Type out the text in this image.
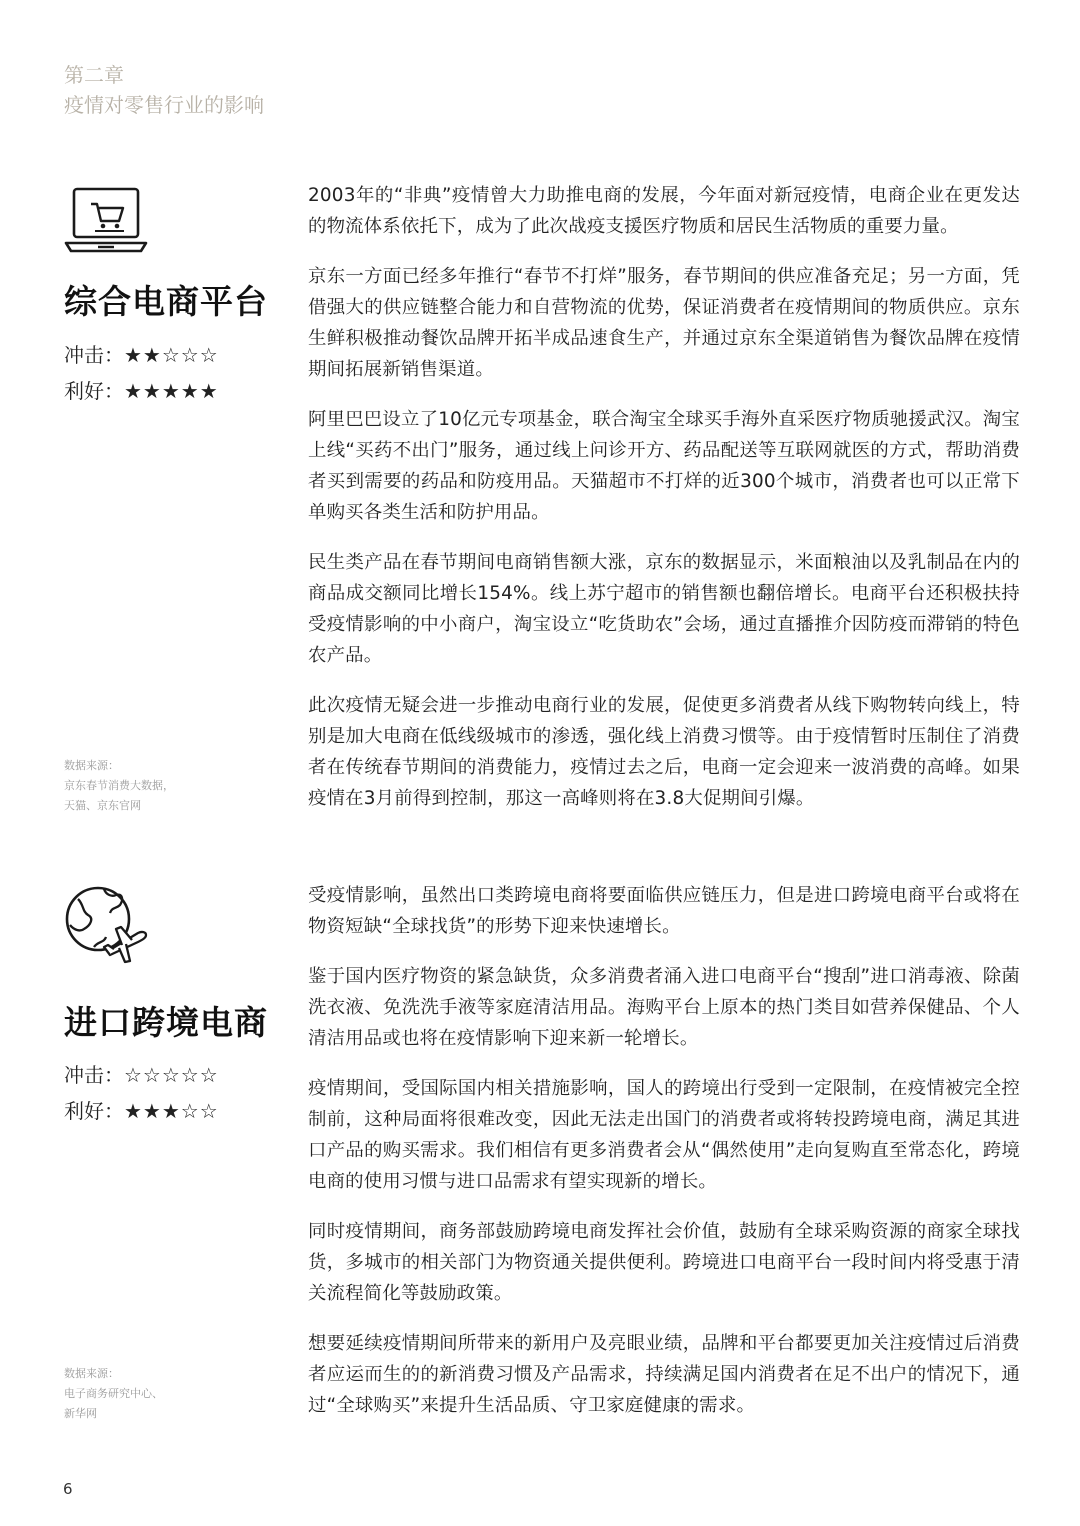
第二章
疫情对零售行业的影响
综合电商平台
冲击：★★☆☆☆
利好：★★★★★
数据来源：
京东春节消费大数据，
天猫、京东官网

2003年的“非典”疫情曾大力助推电商的发展，今年面对新冠疫情，电商企业在更发达的物流体系依托下，成为了此次战疫支援医疗物质和居民生活物质的重要力量。

京东一方面已经多年推行“春节不打烊”服务，春节期间的供应准备充足；另一方面，凭借强大的供应链整合能力和自营物流的优势，保证消费者在疫情期间的物质供应。京东生鲜积极推动餐饮品牌开拓半成品速食生产，并通过京东全渠道销售为餐饮品牌在疫情期间拓展新销售渠道。

阿里巴巴设立了10亿元专项基金，联合淘宝全球买手海外直采医疗物质驰援武汉。淘宝上线“买药不出门”服务，通过线上问诊开方、药品配送等互联网就医的方式，帮助消费者买到需要的药品和防疫用品。天猫超市不打烊的近300个城市，消费者也可以正常下单购买各类生活和防护用品。

民生类产品在春节期间电商销售额大涨，京东的数据显示，米面粮油以及乳制品在内的商品成交额同比增长154%。线上苏宁超市的销售额也翻倍增长。电商平台还积极扶持受疫情影响的中小商户，淘宝设立“吃货助农”会场，通过直播推介因防疫而滞销的特色农产品。

此次疫情无疑会进一步推动电商行业的发展，促使更多消费者从线下购物转向线上，特别是加大电商在低线级城市的渗透，强化线上消费习惯等。由于疫情暂时压制住了消费者在传统春节期间的消费能力，疫情过去之后，电商一定会迎来一波消费的高峰。如果疫情在3月前得到控制，那这一高峰则将在3.8大促期间引爆。

进口跨境电商
冲击：☆☆☆☆☆
利好：★★★☆☆
数据来源：
电子商务研究中心、
新华网

受疫情影响，虽然出口类跨境电商将要面临供应链压力，但是进口跨境电商平台或将在物资短缺“全球找货”的形势下迎来快速增长。

鉴于国内医疗物资的紧急缺货，众多消费者涌入进口电商平台“搜刮”进口消毒液、除菌洗衣液、免洗洗手液等家庭清洁用品。海购平台上原本的热门类目如营养保健品、个人清洁用品或也将在疫情影响下迎来新一轮增长。

疫情期间，受国际国内相关措施影响，国人的跨境出行受到一定限制，在疫情被完全控制前，这种局面将很难改变，因此无法走出国门的消费者或将转投跨境电商，满足其进口产品的购买需求。我们相信有更多消费者会从“偶然使用”走向复购直至常态化，跨境电商的使用习惯与进口品需求有望实现新的增长。

同时疫情期间，商务部鼓励跨境电商发挥社会价值，鼓励有全球采购资源的商家全球找货，多城市的相关部门为物资通关提供便利。跨境进口电商平台一段时间内将受惠于清关流程简化等鼓励政策。

想要延续疫情期间所带来的新用户及亮眼业绩，品牌和平台都要更加关注疫情过后消费者应运而生的的新消费习惯及产品需求，持续满足国内消费者在足不出户的情况下，通过“全球购买”来提升生活品质、守卫家庭健康的需求。

6
